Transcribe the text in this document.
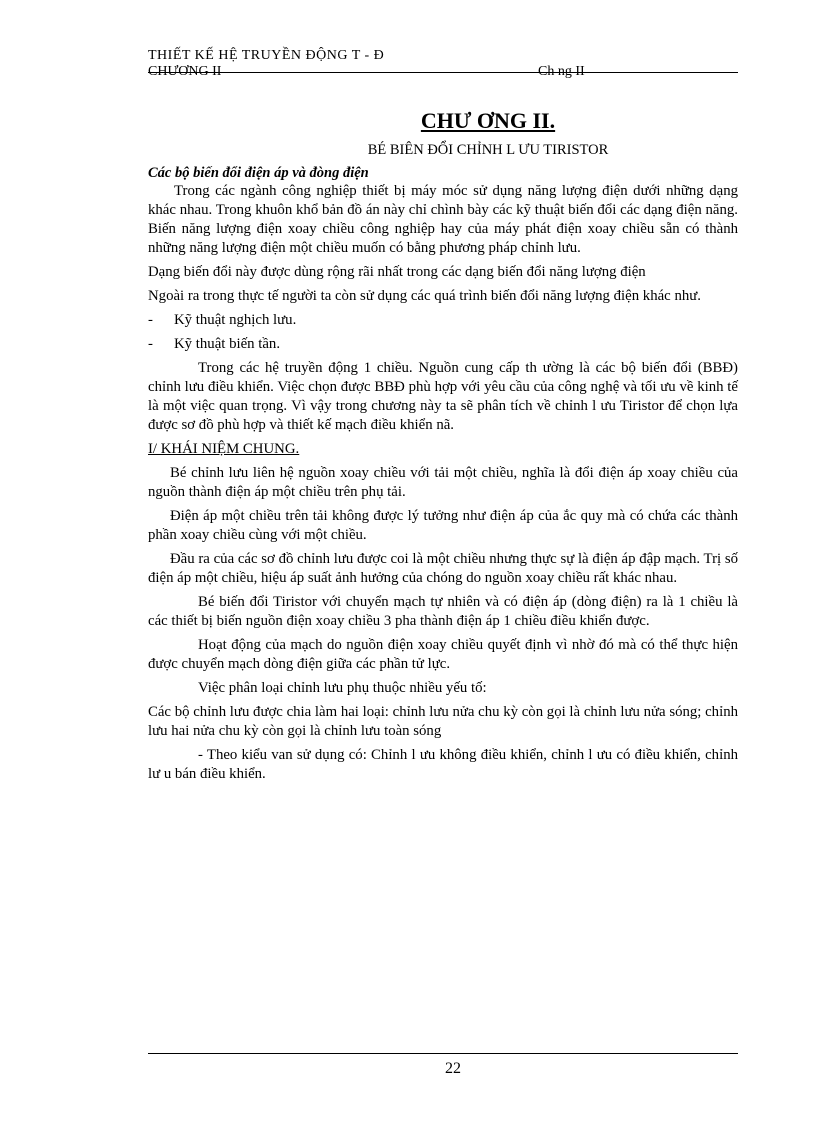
THIẾT KẾ HỆ TRUYỀN ĐỘNG T - Đ
CHƯƠNG II	Ch ng II
CHƯ ƠNG II.
BÉ BIÊN ĐỔI CHỈNH L ƯU TIRISTOR
Các bộ biến đổi điện áp và đòng điện

Trong các ngành công nghiệp thiết bị máy móc sử dụng năng lượng điện dưới những dạng khác nhau. Trong khuôn khổ bản đồ án này chỉ chình bày các kỹ thuật biến đổi các dạng điện năng. Biến năng lượng điện xoay chiều công nghiệp hay của máy phát điện xoay chiều sẵn có thành những năng lượng điện một chiều muốn có bằng phương pháp chỉnh lưu.

Dạng biến đổi này được dùng rộng rãi nhất trong các dạng biến đổi năng lượng điện

Ngoài ra trong thực tế người ta còn sử dụng các quá trình biến đổi năng lượng điện khác như.

-	Kỹ thuật nghịch lưu.
-	Kỹ thuật biến tần.

Trong các hệ truyền động 1 chiều. Nguồn cung cấp th ường là các bộ biến đổi (BBĐ) chỉnh lưu điều khiển. Việc chọn được BBĐ phù hợp với yêu cầu của công nghệ và tối ưu về kinh tế là một việc quan trọng. Vì vậy trong chương này ta sẽ phân tích về chỉnh l ưu Tiristor để chọn lựa được sơ đồ phù hợp và thiết kế mạch điều khiển nã.

I/ KHÁI NIỆM CHUNG.

Bé chỉnh lưu liên hệ nguồn xoay chiều với tải một chiều, nghĩa là đổi điện áp xoay chiều của nguồn thành điện áp một chiều trên phụ tải.

Điện áp một chiều trên tải không được lý tưởng như điện áp của ắc quy mà có chứa các thành phần xoay chiều cùng với một chiều.

Đầu ra của các sơ đồ chỉnh lưu được coi là một chiều nhưng thực sự là điện áp đập mạch. Trị số điện áp một chiều, hiệu áp suất ảnh hưởng của chóng do nguồn xoay chiều rất khác nhau.

Bé biến đổi Tiristor với chuyển mạch tự nhiên và có điện áp (dòng điện) ra là 1 chiều là các thiết bị biến nguồn điện xoay chiều 3 pha thành điện áp 1 chiều điều khiển được.

Hoạt động của mạch do nguồn điện xoay chiều quyết định vì nhờ đó mà có thể thực hiện được chuyển mạch dòng điện giữa các phần tử lực.

Việc phân loại chỉnh lưu phụ thuộc nhiều yếu tố:

Các bộ chỉnh lưu được chia làm hai loại: chỉnh lưu nửa chu kỳ còn gọi là chỉnh lưu nửa sóng; chỉnh lưu hai nửa chu kỳ còn gọi là chỉnh lưu toàn sóng

- Theo kiểu van sử dụng có: Chỉnh l ưu không điều khiển, chỉnh l ưu có điều khiển, chỉnh lư u bán điều khiển.

22
